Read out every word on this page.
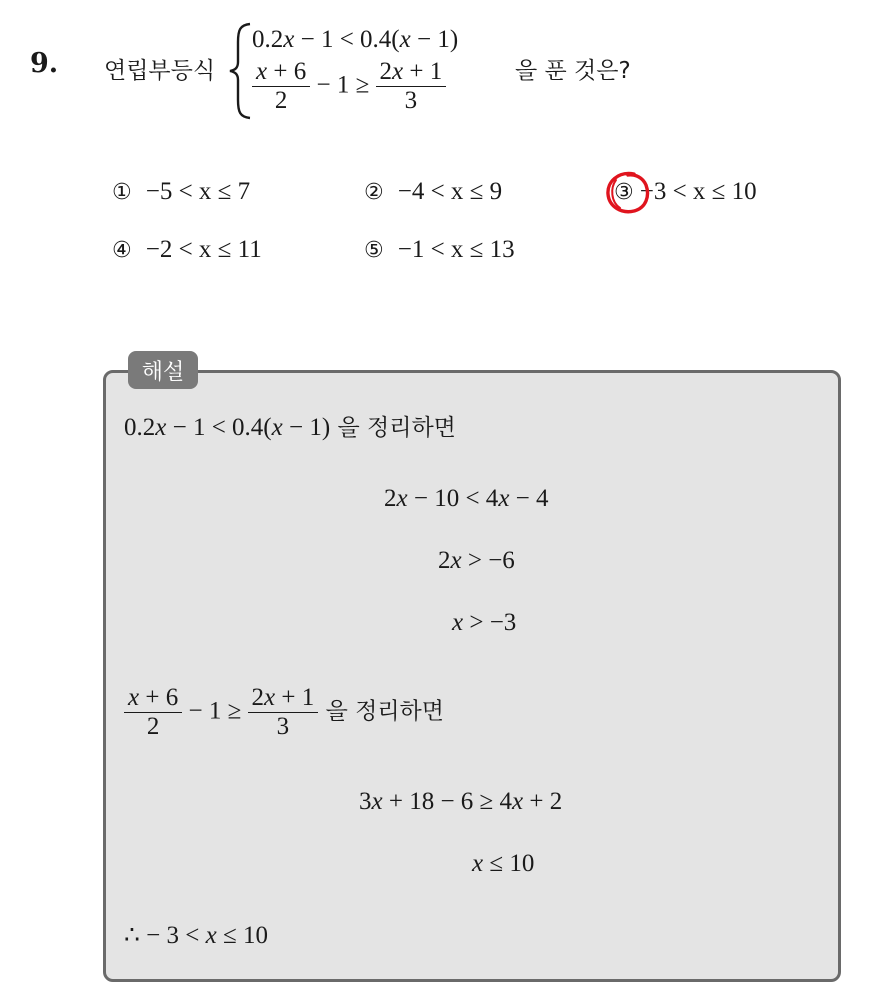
9. 연립부등식
0.2x − 1 < 0.4(x − 1)
$\frac{x + 6}{2} - 1 \ge \frac{2x + 1}{3}$	을 푼 것은?
① −5 < x ≤ 7	② −4 < x ≤ 9	③ −3 < x ≤ 10
④ −2 < x ≤ 11	⑤ −1 < x ≤ 13
해설
0.2x − 1 < 0.4(x − 1) 을 정리하면
2x − 10 < 4x − 4
2x > −6
x > −3
$\frac{x + 6}{2} - 1 \ge \frac{2x + 1}{3}$ 을 정리하면
3x + 18 − 6 ≥ 4x + 2
x ≤ 10
∴ − 3 < x ≤ 10
